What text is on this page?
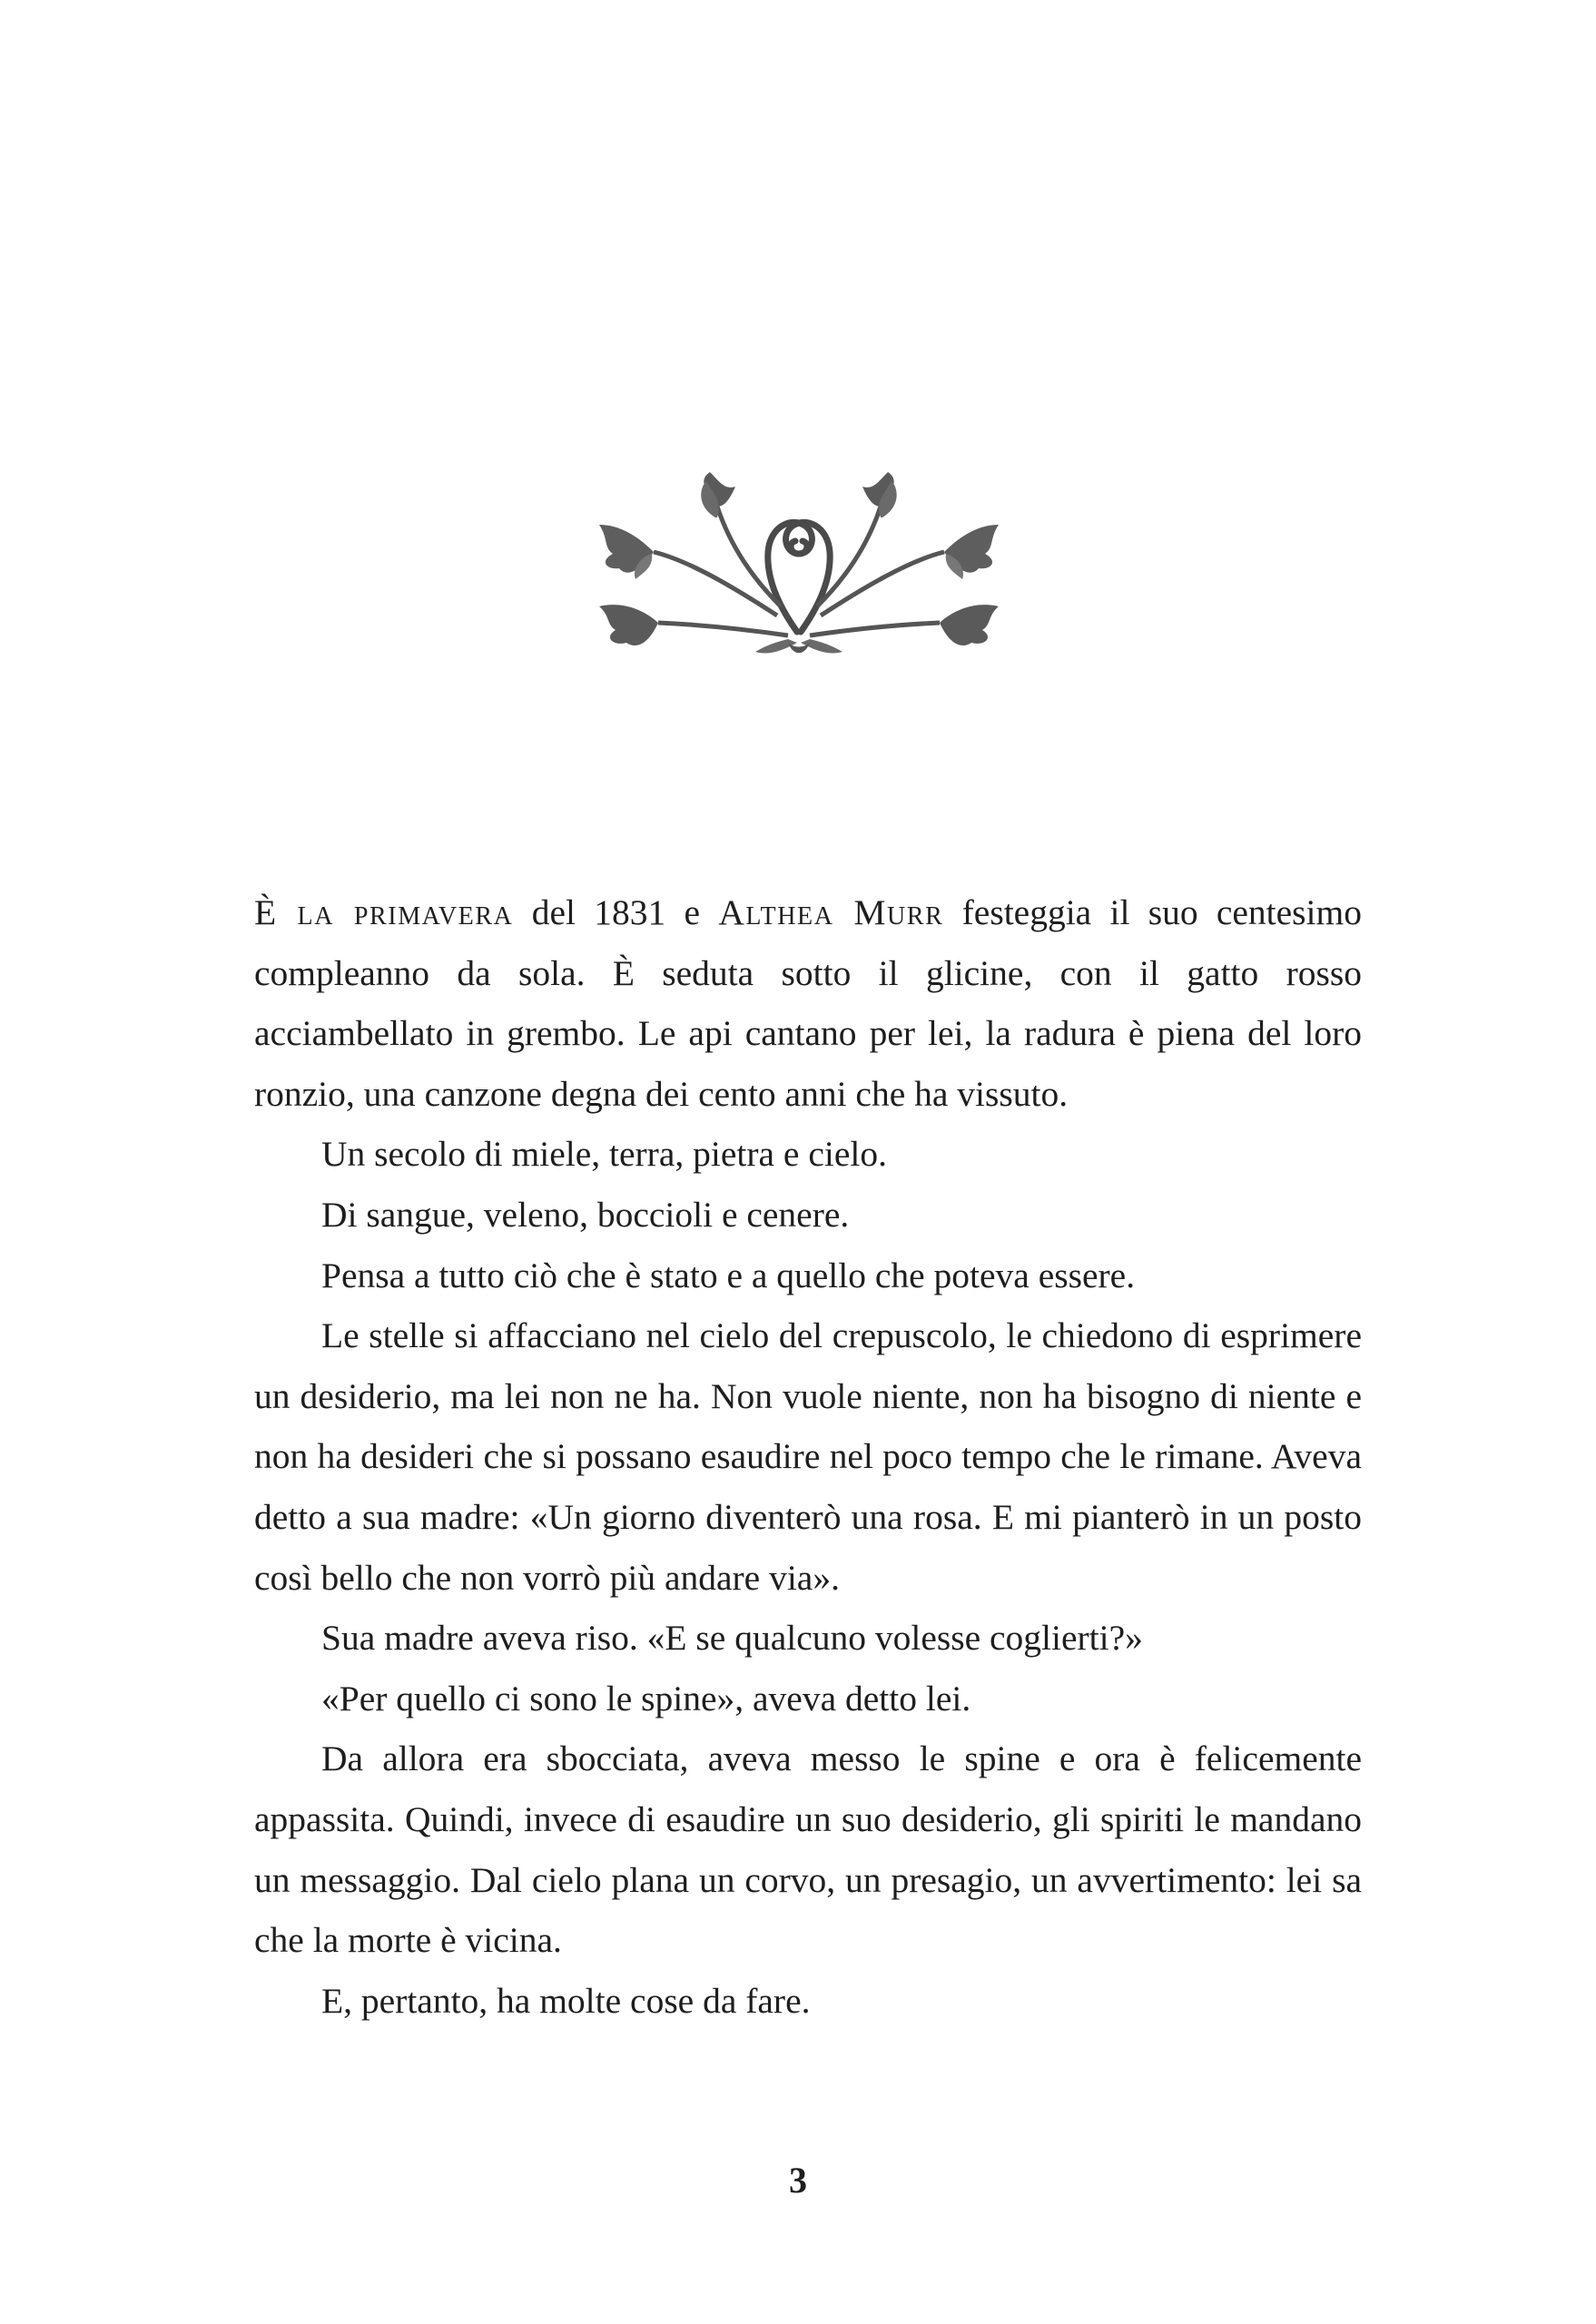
È la primavera del 1831 e Althea Murr festeggia il suo centesimo compleanno da sola. È seduta sotto il glicine, con il gatto rosso acciambellato in grembo. Le api cantano per lei, la radura è piena del loro ronzio, una canzone degna dei cento anni che ha vissuto.

Un secolo di miele, terra, pietra e cielo.

Di sangue, veleno, boccioli e cenere.

Pensa a tutto ciò che è stato e a quello che poteva essere.

Le stelle si affacciano nel cielo del crepuscolo, le chiedono di esprimere un desiderio, ma lei non ne ha. Non vuole niente, non ha bisogno di niente e non ha desideri che si possano esaudire nel poco tempo che le rimane. Aveva detto a sua madre: «Un giorno diventerò una rosa. E mi pianterò in un posto così bello che non vorrò più andare via».

Sua madre aveva riso. «E se qualcuno volesse coglierti?»

«Per quello ci sono le spine», aveva detto lei.

Da allora era sbocciata, aveva messo le spine e ora è felicemente appassita. Quindi, invece di esaudire un suo desiderio, gli spiriti le mandano un messaggio. Dal cielo plana un corvo, un presagio, un avvertimento: lei sa che la morte è vicina.

E, pertanto, ha molte cose da fare.

3
